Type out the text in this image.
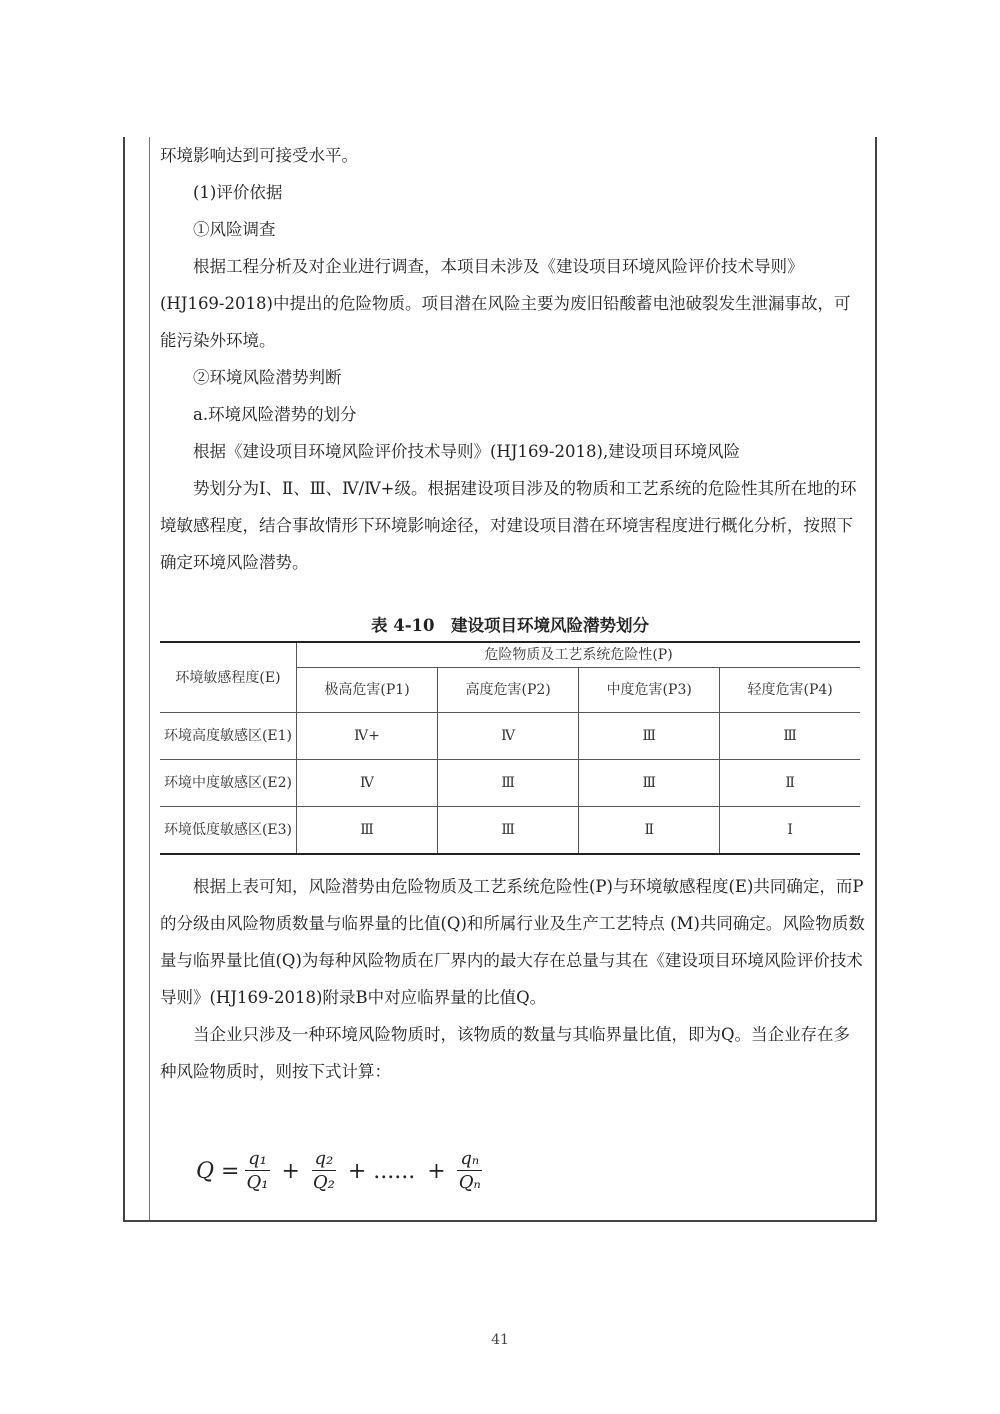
环境影响达到可接受水平。

(1)评价依据

①风险调查

根据工程分析及对企业进行调查，本项目未涉及《建设项目环境风险评价技术导则》(HJ169-2018)中提出的危险物质。项目潜在风险主要为废旧铅酸蓄电池破裂发生泄漏事故，可能污染外环境。

②环境风险潜势判断

a.环境风险潜势的划分

根据《建设项目环境风险评价技术导则》(HJ169-2018),建设项目环境风险

势划分为Ⅰ、Ⅱ、Ⅲ、Ⅳ/Ⅳ+级。根据建设项目涉及的物质和工艺系统的危险性其所在地的环境敏感程度，结合事故情形下环境影响途径，对建设项目潜在环境害程度进行概化分析，按照下确定环境风险潜势。

表 4-10　建设项目环境风险潜势划分
环境敏感程度(E)	危险物质及工艺系统危险性(P)			
	极高危害(P1)	高度危害(P2)	中度危害(P3)	轻度危害(P4)
环境高度敏感区(E1)	Ⅳ+	Ⅳ	Ⅲ	Ⅲ
环境中度敏感区(E2)	Ⅳ	Ⅲ	Ⅲ	Ⅱ
环境低度敏感区(E3)	Ⅲ	Ⅲ	Ⅱ	Ⅰ

根据上表可知，风险潜势由危险物质及工艺系统危险性(P)与环境敏感程度(E)共同确定，而P的分级由风险物质数量与临界量的比值(Q)和所属行业及生产工艺特点 (M)共同确定。风险物质数量与临界量比值(Q)为每种风险物质在厂界内的最大存在总量与其在《建设项目环境风险评价技术导则》(HJ169-2018)附录B中对应临界量的比值Q。

当企业只涉及一种环境风险物质时，该物质的数量与其临界量比值，即为Q。当企业存在多种风险物质时，则按下式计算：

$Q = \frac{\text{q₁}}{\text{Q₁}} + \frac{\text{q₂}}{\text{Q₂}}$ + ...... + $\frac{\text{qₙ}}{\text{Qₙ}}$
41
